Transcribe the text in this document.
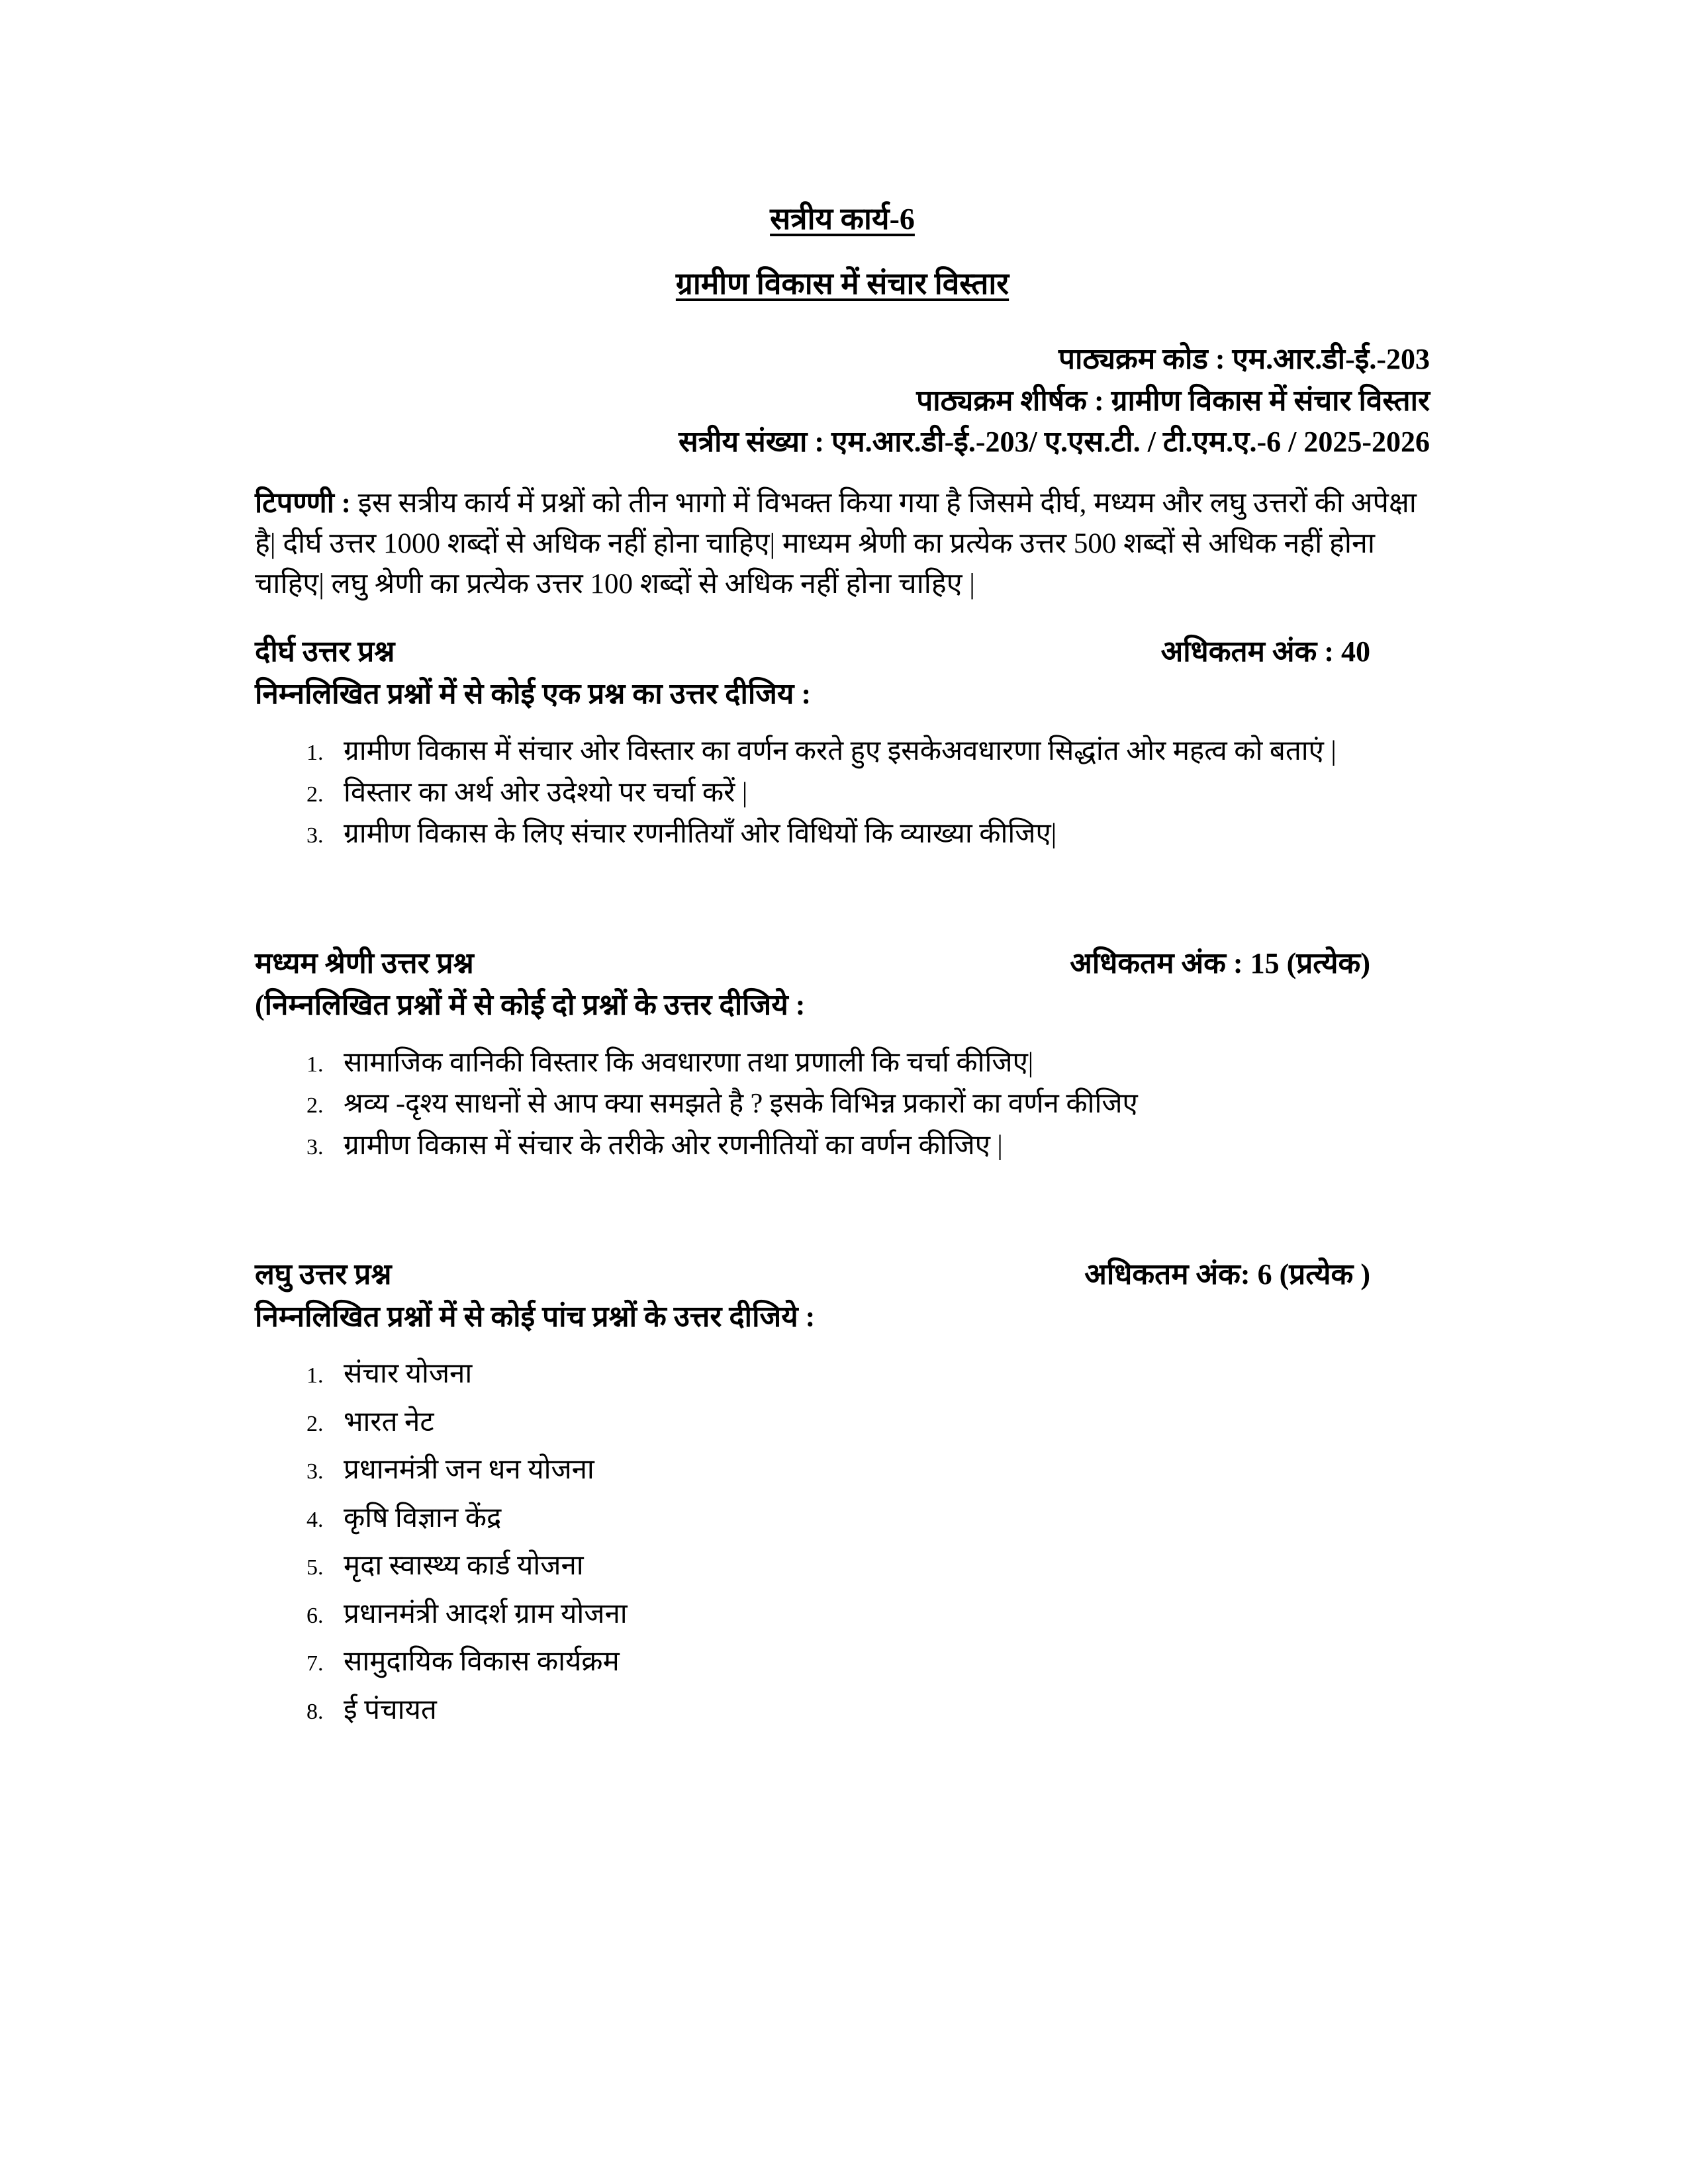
सत्रीय कार्य-6
ग्रामीण विकास में संचार विस्तार
पाठ्यक्रम कोड : एम.आर.डी-ई.-203
पाठ्यक्रम शीर्षक : ग्रामीण विकास में संचार विस्तार
सत्रीय संख्या : एम.आर.डी-ई.-203/ ए.एस.टी. / टी.एम.ए.-6 / 2025-2026
टिपण्णी : इस सत्रीय कार्य में प्रश्नों को तीन भागो में विभक्त किया गया है जिसमे दीर्घ, मध्यम और लघु उत्तरों की अपेक्षा है| दीर्घ उत्तर 1000 शब्दों से अधिक नहीं होना चाहिए| माध्यम श्रेणी का प्रत्येक उत्तर 500 शब्दों से अधिक नहीं होना चाहिए| लघु श्रेणी का प्रत्येक उत्तर 100 शब्दों से अधिक नहीं होना चाहिए |
दीर्घ उत्तर प्रश्न	अधिकतम अंक : 40
निम्नलिखित प्रश्नों में से कोई एक प्रश्न का उत्तर दीजिय :
1. ग्रामीण विकास में संचार ओर विस्तार का वर्णन करते हुए इसकेअवधारणा सिद्धांत ओर महत्व को बताएं |
2. विस्तार का अर्थ ओर उदेश्यो पर चर्चा करें |
3. ग्रामीण विकास के लिए संचार रणनीतियाँ ओर विधियों कि व्याख्या कीजिए|
मध्यम श्रेणी उत्तर प्रश्न	अधिकतम अंक : 15 (प्रत्येक)
(निम्नलिखित प्रश्नों में से कोई दो प्रश्नों के उत्तर दीजिये :
1. सामाजिक वानिकी विस्तार कि अवधारणा तथा प्रणाली कि चर्चा कीजिए|
2. श्रव्य -दृश्य साधनों से आप क्या समझते है ? इसके विभिन्न प्रकारों का वर्णन कीजिए
3. ग्रामीण विकास में संचार के तरीके ओर रणनीतियों का वर्णन कीजिए |
लघु उत्तर प्रश्न	अधिकतम अंक: 6 (प्रत्येक )
निम्नलिखित प्रश्नों में से कोई पांच प्रश्नों के उत्तर दीजिये :
1. संचार योजना
2. भारत नेट
3. प्रधानमंत्री जन धन योजना
4. कृषि विज्ञान केंद्र
5. मृदा स्वास्थ्य कार्ड योजना
6. प्रधानमंत्री आदर्श ग्राम योजना
7. सामुदायिक विकास कार्यक्रम
8. ई पंचायत
